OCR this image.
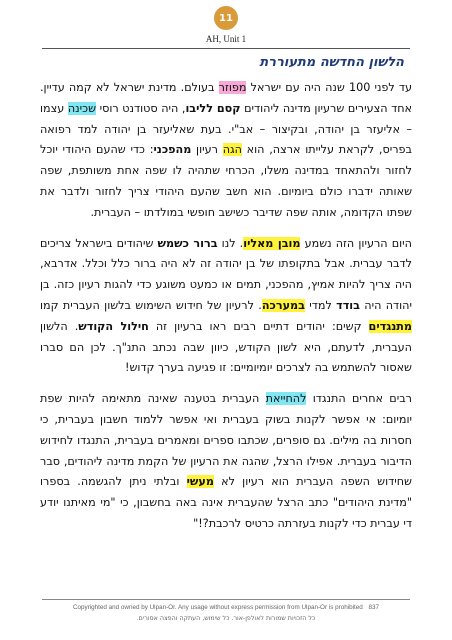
11
AH, Unit 1
הלשון החדשה מתעוררת

עד לפני 100 שנה היה עם ישראל מפוזר בעולם. מדינת ישראל לא קמה עדיין. אחד הצעירים שרעיון מדינה ליהודים קסם לליבו, היה סטודנט רוסי שכינה עצמו – אליעזר בן יהודה, ובקיצור – אב"י. בעת שאליעזר בן יהודה למד רפואה בפריס, לקראת עלייתו ארצה, הוא הגה רעיון מהפכני: כדי שהעם היהודי יוכל לחזור ולהתאחד במדינה משלו, הכרחי שתהיה לו שפה אחת משותפת, שפה שאותה ידברו כולם ביומיום. הוא חשב שהעם היהודי צריך לחזור ולדבר את שפתו הקדומה, אותה שפה שדיבר כשישב חופשי במולדתו – העברית.

היום הרעיון הזה נשמע מובן מאליו. לנו ברור כשמש שיהודים בישראל צריכים לדבר עברית. אבל בתקופתו של בן יהודה זה לא היה ברור כלל וכלל. אדרבא, היה צריך להיות אמיץ, מהפכני, תמים או כמעט משוגע כדי להגות רעיון כזה. בן יהודה היה בודד למדי במערכה. לרעיון של חידוש השימוש בלשון העברית קמו מתנגדים קשים: יהודים דתיים רבים ראו ברעיון זה חילול הקודש. הלשון העברית, לדעתם, היא לשון הקודש, כיוון שבה נכתב התנ"ך. לכן הם סברו שאסור להשתמש בה לצרכים יומיומיים: זו פגיעה בערך קדוש!

רבים אחרים התנגדו להחייאת העברית בטענה שאינה מתאימה להיות שפת יומיום: אי אפשר לקנות בשוק בעברית ואי אפשר ללמוד חשבון בעברית, כי חסרות בה מילים. גם סופרים, שכתבו ספרים ומאמרים בעברית, התנגדו לחידוש הדיבור בעברית. אפילו הרצל, שהגה את הרעיון של הקמת מדינה ליהודים, סבר שחידוש השפה העברית הוא רעיון לא מעשי ובלתי ניתן להגשמה. בספרו "מדינת היהודים" כתב הרצל שהעברית אינה באה בחשבון, כי "מי מאיתנו יודע די עברית כדי לקנות בעזרתה כרטיס לרכבת?!"

Copyrighted and owned by Ulpan-Or. Any usage without express permission from Ulpan-Or is prohibited 837
כל הזכויות שמורות לאולפן-אור. כל שימוש, העתקה והפצה אסורים.
